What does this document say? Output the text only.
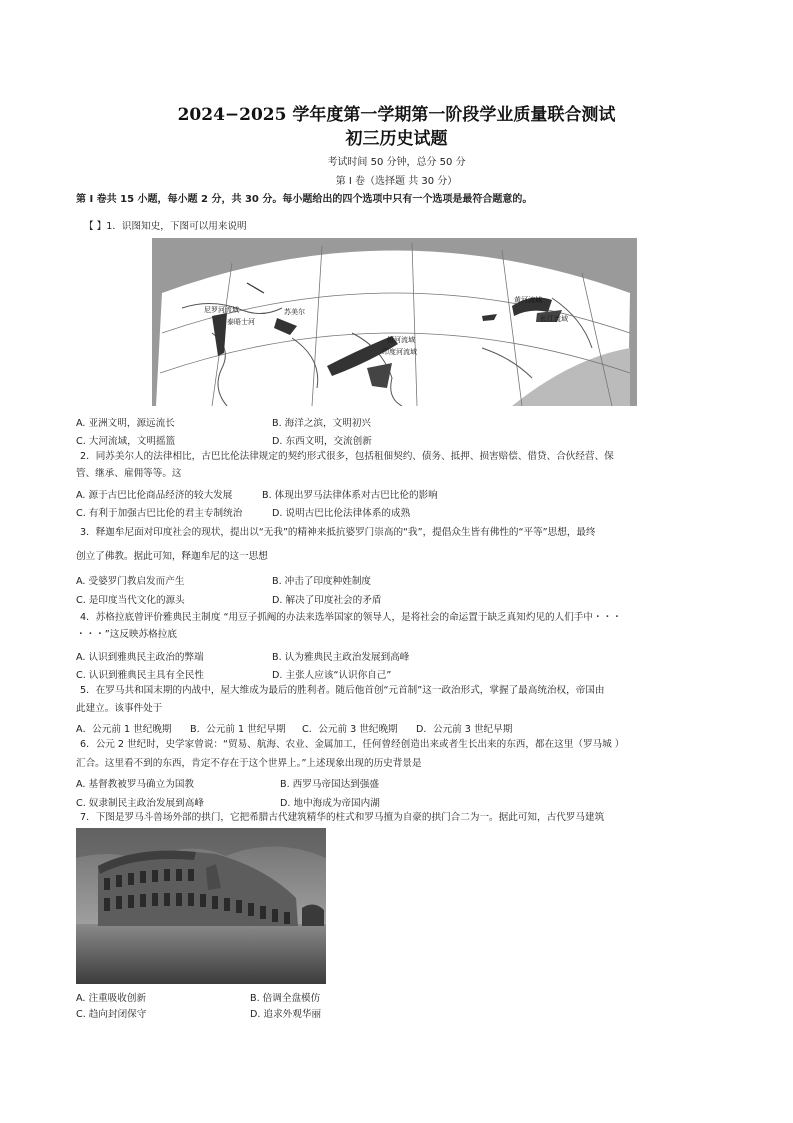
2024−2025 学年度第一学期第一阶段学业质量联合测试
初三历史试题
考试时间 50 分钟，总分 50 分
第 I 卷（选择题 共 30 分）
第 I 卷共 15 小题，每小题 2 分，共 30 分。每小题给出的四个选项中只有一个选项是最符合题意的。
【 】1．识图知史，下图可以用来说明
尼罗河流域	苏美尔
黄河流域
长江流域
印度河流域
恒河流域
泰晤士河
A. 亚洲文明，源远流长	B. 海洋之滨，文明初兴
C. 大河流域，文明摇篮	D. 东西文明，交流创新
2．同苏美尔人的法律相比，古巴比伦法律规定的契约形式很多，包括租佃契约、债务、抵押、损害赔偿、借贷、合伙经营、保
管、继承、雇佣等等。这
A. 源于古巴比伦商品经济的较大发展	B. 体现出罗马法律体系对古巴比伦的影响
C. 有利于加强古巴比伦的君主专制统治	D. 说明古巴比伦法律体系的成熟
3．释迦牟尼面对印度社会的现状，提出以“无我”的精神来抵抗婆罗门崇高的“我”，提倡众生皆有佛性的“平等”思想，最终
创立了佛教。据此可知，释迦牟尼的这一思想
A. 受婆罗门教启发而产生	B. 冲击了印度种姓制度
C. 是印度当代文化的源头	D. 解决了印度社会的矛盾
4．苏格拉底曾评价雅典民主制度 “用豆子抓阄的办法来选举国家的领导人，是将社会的命运置于缺乏真知灼见的人们手中・・・
・・・”这反映苏格拉底
A. 认识到雅典民主政治的弊端	B. 认为雅典民主政治发展到高峰
C. 认识到雅典民主具有全民性	D. 主张人应该“认识你自己”
5．在罗马共和国末期的内战中，屋大维成为最后的胜利者。随后他首创“元首制”这一政治形式，掌握了最高统治权，帝国由
此建立。该事件处于
A．公元前 1 世纪晚期 B．公元前 1 世纪早期 C．公元前 3 世纪晚期 D．公元前 3 世纪早期
6．公元 2 世纪时，史学家曾说：“贸易、航海、农业、金属加工，任何曾经创造出来或者生长出来的东西，都在这里（罗马城 ）
汇合。这里看不到的东西，肯定不存在于这个世界上。”上述现象出现的历史背景是
A. 基督教被罗马确立为国教	B. 西罗马帝国达到强盛
C. 奴隶制民主政治发展到高峰	D. 地中海成为帝国内湖
7．下图是罗马斗兽场外部的拱门，它把希腊古代建筑精华的柱式和罗马擅为自豪的拱门合二为一。据此可知，古代罗马建筑
A. 注重吸收创新	B. 倍调全盘模仿
C. 趋向封闭保守	D. 追求外观华丽
